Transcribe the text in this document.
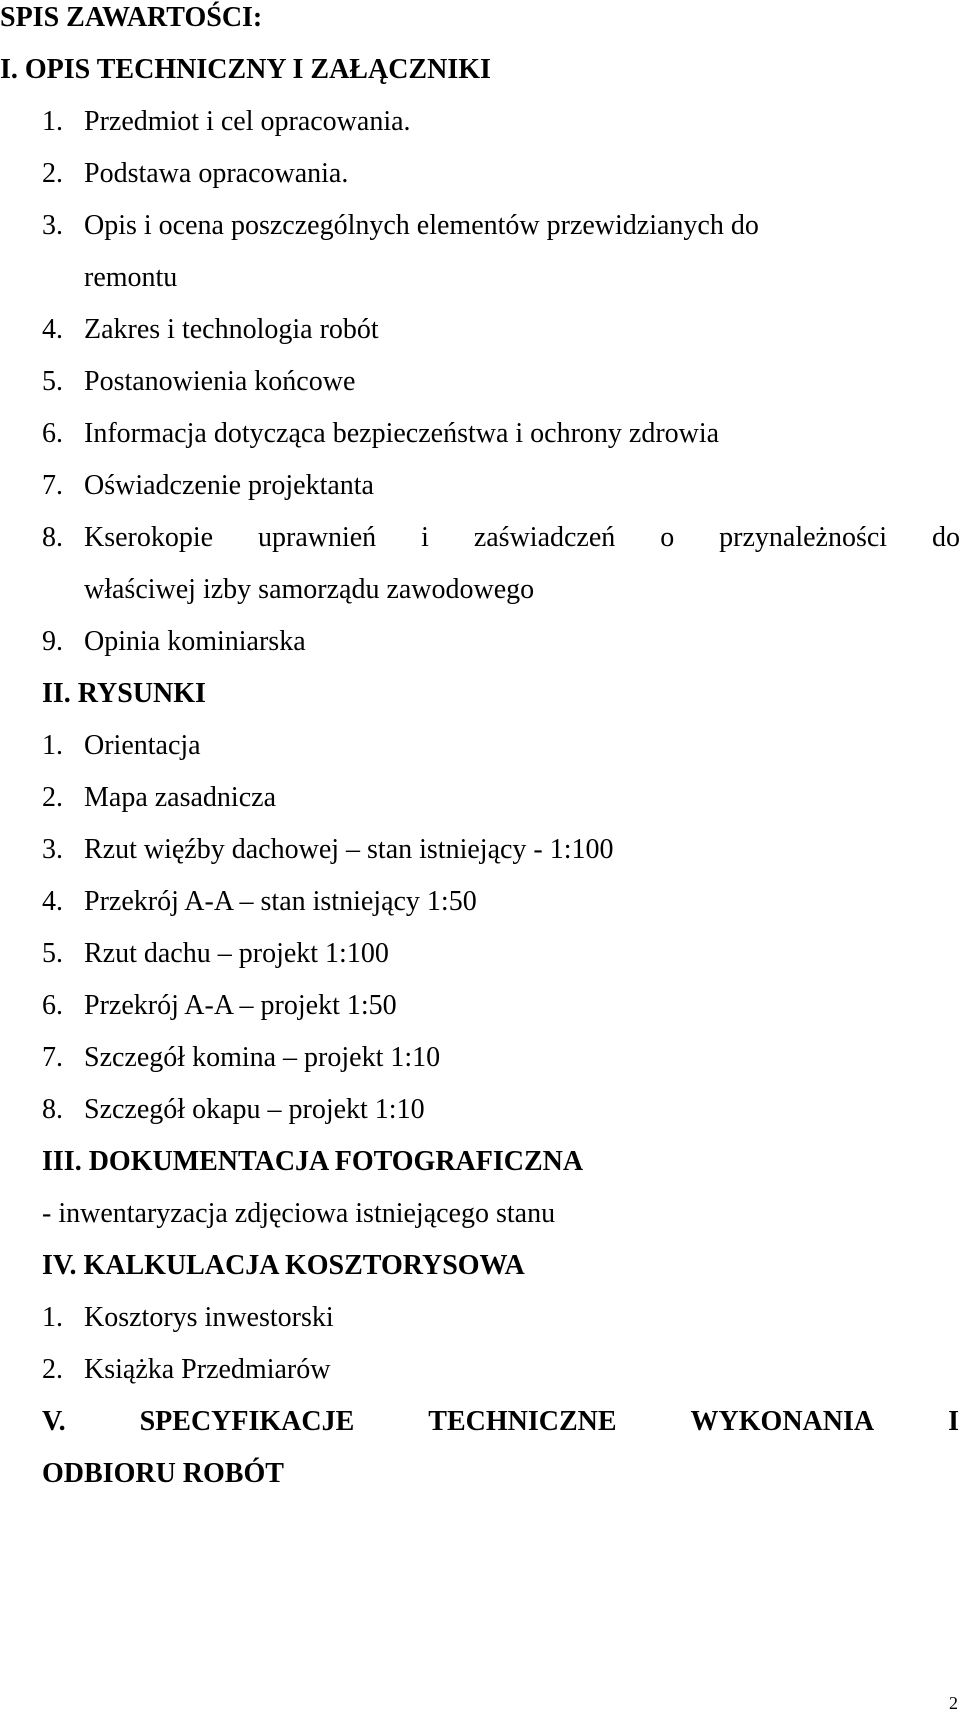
SPIS ZAWARTOŚCI:
I. OPIS TECHNICZNY I ZAŁĄCZNIKI
1. Przedmiot i cel opracowania.
2. Podstawa opracowania.
3. Opis i ocena poszczególnych elementów przewidzianych do
remontu
4. Zakres i technologia robót
5. Postanowienia końcowe
6. Informacja dotycząca bezpieczeństwa i ochrony zdrowia
7. Oświadczenie projektanta
8. Kserokopie uprawnień i zaświadczeń o przynależności do
właściwej izby samorządu zawodowego
9. Opinia kominiarska
II. RYSUNKI
1. Orientacja
2. Mapa zasadnicza
3. Rzut więźby dachowej – stan istniejący - 1:100
4. Przekrój A-A – stan istniejący 1:50
5. Rzut dachu – projekt 1:100
6. Przekrój A-A – projekt 1:50
7. Szczegół komina – projekt 1:10
8. Szczegół okapu – projekt 1:10
III. DOKUMENTACJA FOTOGRAFICZNA
- inwentaryzacja zdjęciowa istniejącego stanu
IV. KALKULACJA KOSZTORYSOWA
1. Kosztorys inwestorski
2. Książka Przedmiarów
V.	SPECYFIKACJE	TECHNICZNE	WYKONANIA	I
ODBIORU ROBÓT
2
